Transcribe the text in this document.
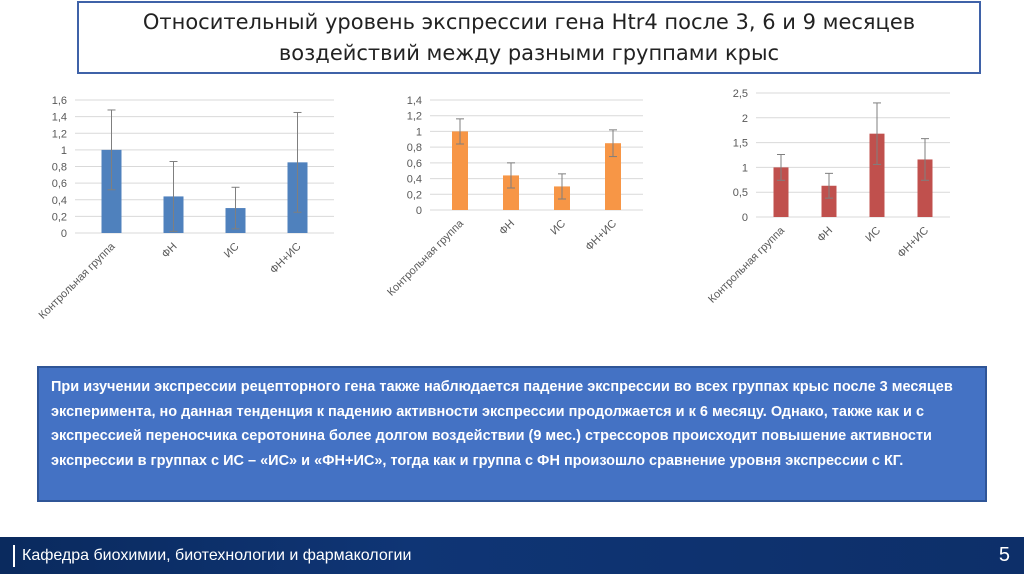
Относительный уровень экспрессии гена Htr4 после 3, 6 и 9 месяцев
воздействий между разными группами крыс
0
0,2
0,4
0,6
0,8
1
1,2
1,4
1,6
Контрольная группа	ФН	ИС ФН+ИС
0
0,2
0,4
0,6
0,8
1
1,2
1,4
Контрольная группа	ФН	ИС ФН+ИС	0
0,5
1
1,5
2
2,5
Контрольная группа	ФН	ИС ФН+ИС
При изучении экспрессии рецепторного гена также наблюдается падение экспрессии во всех группах крыс после 3 месяцев эксперимента, но данная тенденция к падению активности экспрессии продолжается и к 6 месяцу. Однако, также как и с экспрессией переносчика серотонина более долгом воздействии (9 мес.) стрессоров происходит повышение активности экспрессии в группах с ИС – «ИС» и «ФН+ИС», тогда как и группа с ФН произошло сравнение уровня экспрессии с КГ.
Кафедра биохимии, биотехнологии и фармакологии	5
